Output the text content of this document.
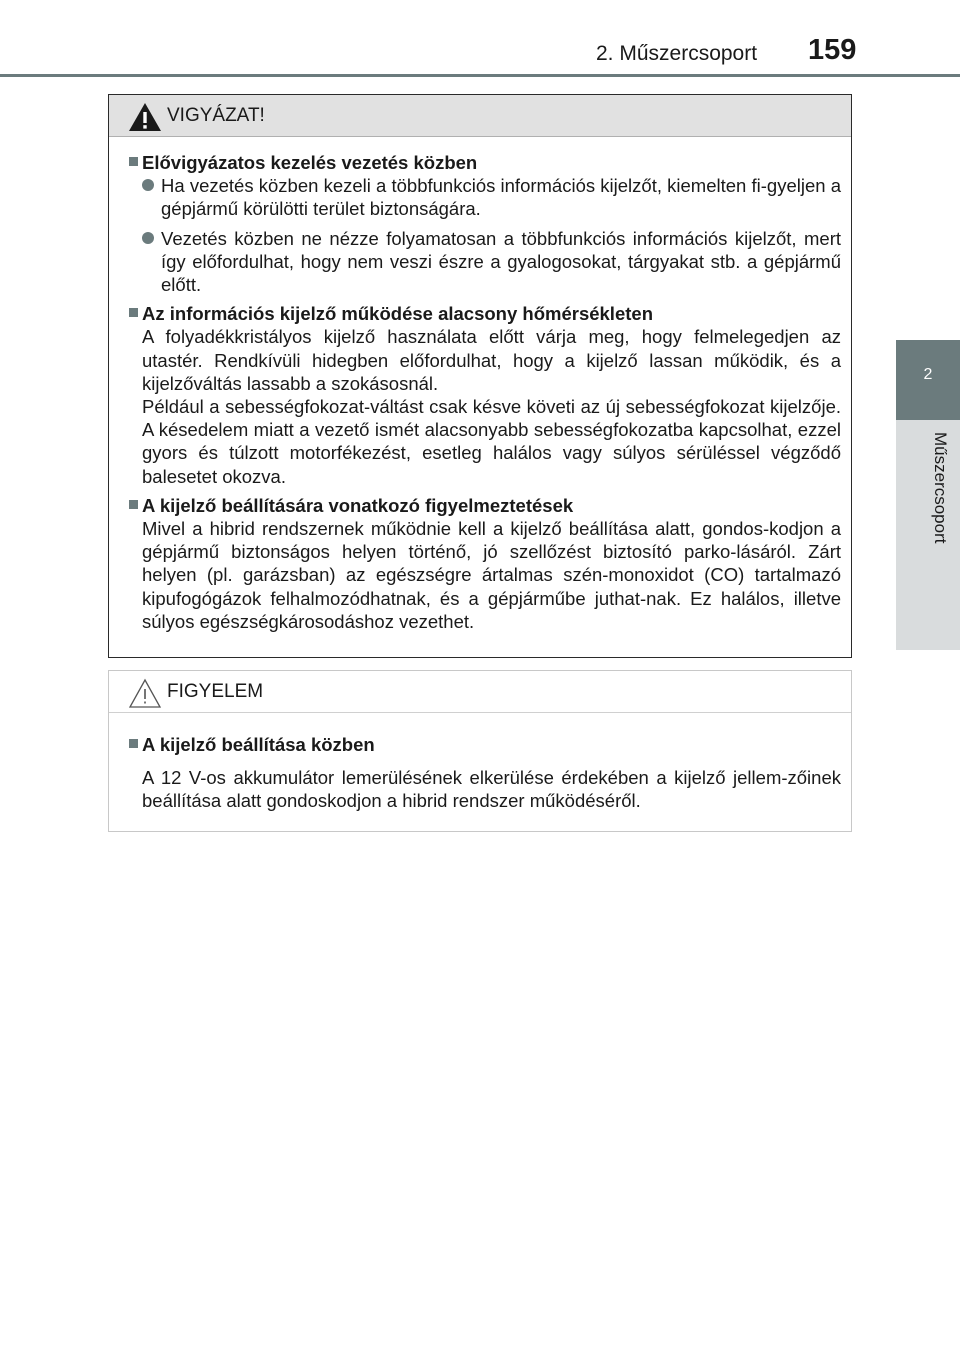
2. Műszercsoport 159
2
Műszercsoport
VIGYÁZAT!
Elővigyázatos kezelés vezetés közben
Ha vezetés közben kezeli a többfunkciós információs kijelzőt, kiemelten fi-gyeljen a gépjármű körülötti terület biztonságára.
Vezetés közben ne nézze folyamatosan a többfunkciós információs kijelzőt, mert így előfordulhat, hogy nem veszi észre a gyalogosokat, tárgyakat stb. a gépjármű előtt.
Az információs kijelző működése alacsony hőmérsékleten

A folyadékkristályos kijelző használata előtt várja meg, hogy felmelegedjen az utastér. Rendkívüli hidegben előfordulhat, hogy a kijelző lassan működik, és a kijelzőváltás lassabb a szokásosnál.

Például a sebességfokozat-váltást csak késve követi az új sebességfokozat kijelzője. A késedelem miatt a vezető ismét alacsonyabb sebességfokozatba kapcsolhat, ezzel gyors és túlzott motorfékezést, esetleg halálos vagy súlyos sérüléssel végződő balesetet okozva.

A kijelző beállítására vonatkozó figyelmeztetések

Mivel a hibrid rendszernek működnie kell a kijelző beállítása alatt, gondos-kodjon a gépjármű biztonságos helyen történő, jó szellőzést biztosító parko-lásáról. Zárt helyen (pl. garázsban) az egészségre ártalmas szén-monoxidot (CO) tartalmazó kipufogógázok felhalmozódhatnak, és a gépjárműbe juthat-nak. Ez halálos, illetve súlyos egészségkárosodáshoz vezethet.

FIGYELEM
A kijelző beállítása közben

A 12 V-os akkumulátor lemerülésének elkerülése érdekében a kijelző jellem-zőinek beállítása alatt gondoskodjon a hibrid rendszer működéséről.
